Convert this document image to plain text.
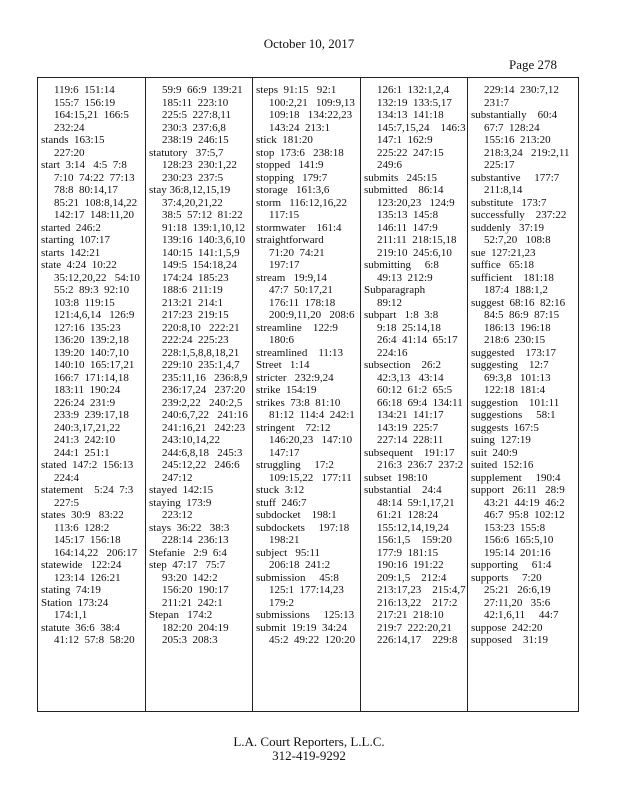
October 10, 2017
Page 278
119:6  151:14
155:7  156:19
164:15,21  166:5
232:24
stands  163:15
227:20
start  3:14   4:5  7:8
7:10  74:22  77:13
78:8  80:14,17
85:21  108:8,14,22
142:17  148:11,20
started  246:2
starting  107:17
starts  142:21
state  4:24  10:22
35:12,20,22   54:10
55:2  89:3  92:10
103:8  119:15
121:4,6,14   126:9
127:16  135:23
136:20  139:2,18
139:20  140:7,10
140:10  165:17,21
166:7  171:14,18
183:11  190:24
226:24  231:9
233:9  239:17,18
240:3,17,21,22
241:3  242:10
244:1  251:1
stated  147:2  156:13
224:4
statement    5:24  7:3
227:5
states  30:9   83:22
113:6  128:2
145:17  156:18
164:14,22   206:17
statewide   122:24
123:14  126:21
stating  74:19
Station  173:24
174:1,1
statute  36:6  38:4
41:12  57:8  58:20
59:9  66:9  139:21
185:11  223:10
225:5  227:8,11
230:3  237:6,8
238:19  246:15
statutory   37:5,7
128:23  230:1,22
230:23  237:5
stay 36:8,12,15,19
37:4,20,21,22
38:5  57:12  81:22
91:18  139:1,10,12
139:16  140:3,6,10
140:15  141:1,5,9
149:5  154:18,24
174:24  185:23
188:6  211:19
213:21  214:1
217:23  219:15
220:8,10   222:21
222:24  225:23
228:1,5,8,8,18,21
229:10  235:1,4,7
235:11,16   236:8,9
236:17,24   237:20
239:2,22   240:2,5
240:6,7,22   241:16
241:16,21   242:23
243:10,14,22
244:6,8,18   245:3
245:12,22   246:6
247:12
stayed  142:15
staying  173:9
223:12
stays  36:22   38:3
228:14  236:13
Stefanie   2:9  6:4
step  47:17   75:7
93:20  142:2
156:20  190:17
211:21  242:1
Stepan   174:2
182:20  204:19
205:3  208:3
steps  91:15   92:1
100:2,21   109:9,13
109:18   134:22,23
143:24  213:1
stick  181:20
stop  173:6   238:18
stopped   141:9
stopping   179:7
storage   161:3,6
storm   116:12,16,22
117:15
stormwater    161:4
straightforward
71:20  74:21
197:17
stream   19:9,14
47:7  50:17,21
176:11  178:18
200:9,11,20   208:6
streamline    122:9
180:6
streamlined    11:13
Street   1:14
stricter   232:9,24
strike  154:19
strikes  73:8  81:10
81:12  114:4  242:1
stringent    72:12
146:20,23   147:10
147:17
struggling     17:2
109:15,22   177:11
stuck  3:12
stuff  246:7
subdocket    198:1
subdockets     197:18
198:21
subject   95:11
206:18  241:2
submission     45:8
125:1  177:14,23
179:2
submissions     125:13
submit  19:19  34:24
45:2  49:22  120:20
126:1  132:1,2,4
132:19  133:5,17
134:13  141:18
145:7,15,24    146:3
147:1  162:9
225:22  247:15
249:6
submits   245:15
submitted    86:14
123:20,23   124:9
135:13  145:8
146:11  147:9
211:11  218:15,18
219:10  245:6,10
submitting     6:8
49:13  212:9
Subparagraph
89:12
subpart   1:8  3:8
9:18  25:14,18
26:4  41:14  65:17
224:16
subsection    26:2
42:3,13   43:14
60:12  61:2  65:5
66:18  69:4  134:11
134:21  141:17
143:19  225:7
227:14  228:11
subsequent    191:17
216:3  236:7  237:2
subset  198:10
substantial    24:4
48:14  59:1,17,21
61:21  128:24
155:12,14,19,24
156:1,5    159:20
177:9  181:15
190:16  191:22
209:1,5    212:4
213:17,23    215:4,7
216:13,22    217:2
217:21  218:10
219:7  222:20,21
226:14,17    229:8
229:14  230:7,12
231:7
substantially    60:4
67:7  128:24
155:16  213:20
218:3,24   219:2,11
225:17
substantive     177:7
211:8,14
substitute   173:7
successfully    237:22
suddenly   37:19
52:7,20   108:8
sue  127:21,23
suffice   65:18
sufficient    181:18
187:4  188:1,2
suggest  68:16  82:16
84:5  86:9  87:15
186:13  196:18
218:6  230:15
suggested    173:17
suggesting    12:7
69:3,8   101:13
122:18  181:4
suggestion    101:11
suggestions     58:1
suggests  167:5
suing  127:19
suit  240:9
suited  152:16
supplement     190:4
support   26:11   28:9
43:21  44:19  46:2
46:7  95:8  102:12
153:23  155:8
156:6  165:5,10
195:14  201:16
supporting     61:4
supports     7:20
25:21   26:6,19
27:11,20   35:6
42:1,6,11     44:7
suppose  242:20
supposed    31:19
L.A. Court Reporters, L.L.C.
312-419-9292
